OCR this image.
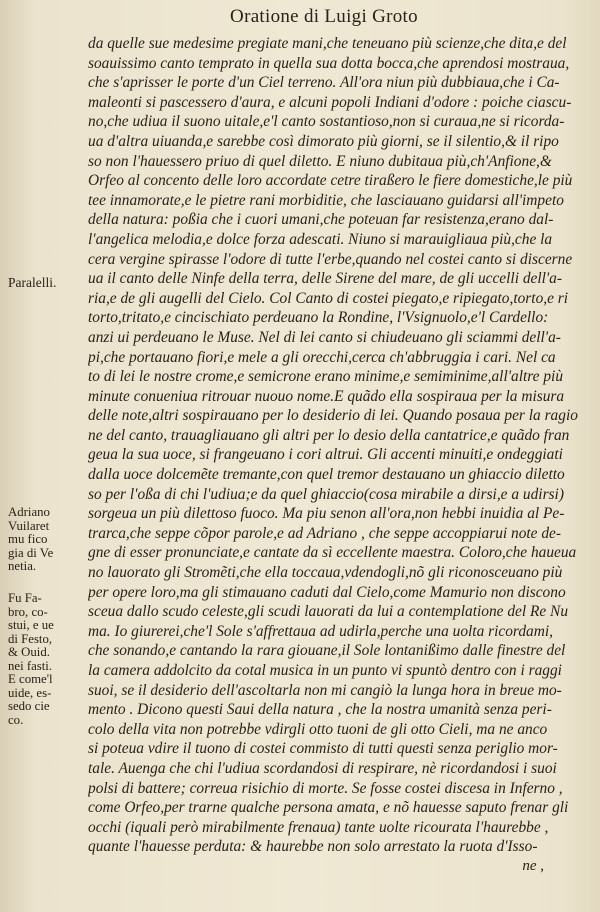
Oratione di Luigi Groto
Paralelli.
Adriano
Vuilaret
mu fico
gia di Ve
netia.
Fu Fa-
bro, co-
stui, e ue
di Festo,
& Ouid.
nei fasti.
E come'l
uide, es-
sedo cie
co.
da quelle sue medesime pregiate mani,che teneuano più scienze,che dita,e del
soauissimo canto temprato in quella sua dotta bocca,che aprendosi mostraua,
che s'aprisser le porte d'un Ciel terreno. All'ora niun più dubbiaua,che i Ca-
maleonti si pascessero d'aura, e alcuni popoli Indiani d'odore : poiche ciascu-
no,che udiua il suono uitale,e'l canto sostantioso,non si curaua,ne si ricorda-
ua d'altra uiuanda,e sarebbe così dimorato più giorni, se il silentio,& il ripo
so non l'hauessero priuo di quel diletto. E niuno dubitaua più,ch'Anfione,&
Orfeo al concento delle loro accordate cetre tiraßero le fiere domestiche,le più
tee innamorate,e le pietre rani morbiditie, che lasciauano guidarsi all'impeto
della natura: poßia che i cuori umani,che poteuan far resistenza,erano dal-
l'angelica melodia,e dolce forza adescati. Niuno si marauigliaua più,che la
cera vergine spirasse l'odore di tutte l'erbe,quando nel costei canto si discerne
ua il canto delle Ninfe della terra, delle Sirene del mare, de gli uccelli dell'a-
ria,e de gli augelli del Cielo. Col Canto di costei piegato,e ripiegato,torto,e ri
torto,tritato,e cincischiato perdeuano la Rondine, l'Vsignuolo,e'l Cardello:
anzi ui perdeuano le Muse. Nel di lei canto si chiudeuano gli sciammi dell'a-
pi,che portauano fiori,e mele a gli orecchi,cerca ch'abbruggia i cari. Nel ca
to di lei le nostre crome,e semicrone erano minime,e semiminime,all'altre più
minute conueniua ritrouar nuouo nome.E quãdo ella sospiraua per la misura
delle note,altri sospirauano per lo desiderio di lei. Quando posaua per la ragio
ne del canto, trauagliauano gli altri per lo desio della cantatrice,e quãdo fran
geua la sua uoce, si frangeuano i cori altrui. Gli accenti minuiti,e ondeggiati
dalla uoce dolcemẽte tremante,con quel tremor destauano un ghiaccio diletto
so per l'oßa di chi l'udiua;e da quel ghiaccio(cosa mirabile a dirsi,e a udirsi)
sorgeua un più dilettoso fuoco. Ma piu senon all'ora,non hebbi inuidia al Pe-
trarca,che seppe cõpor parole,e ad Adriano , che seppe accoppiarui note de-
gne di esser pronunciate,e cantate da sì eccellente maestra. Coloro,che haueua
no lauorato gli Stromẽti,che ella toccaua,vdendogli,nõ gli riconosceuano più
per opere loro,ma gli stimauano caduti dal Cielo,come Mamurio non discono
sceua dallo scudo celeste,gli scudi lauorati da lui a contemplatione del Re Nu
ma. Io giurerei,che'l Sole s'affrettaua ad udirla,perche una uolta ricordami,
che sonando,e cantando la rara giouane,il Sole lontanißimo dalle finestre del
la camera addolcito da cotal musica in un punto vi spuntò dentro con i raggi
suoi, se il desiderio dell'ascoltarla non mi cangiò la lunga hora in breue mo-
mento . Dicono questi Saui della natura , che la nostra umanità senza peri-
colo della vita non potrebbe vdirgli otto tuoni de gli otto Cieli, ma ne anco
si poteua vdire il tuono di costei commisto di tutti questi senza periglio mor-
tale. Auenga che chi l'udiua scordandosi di respirare, nè ricordandosi i suoi
polsi di battere; correua risichio di morte. Se fosse costei discesa in Inferno ,
come Orfeo,per trarne qualche persona amata, e nõ hauesse saputo frenar gli
occhi (iquali però mirabilmente frenaua) tante uolte ricourata l'haurebbe ,
quante l'hauesse perduta: & haurebbe non solo arrestato la ruota d'Isso-
ne ,
